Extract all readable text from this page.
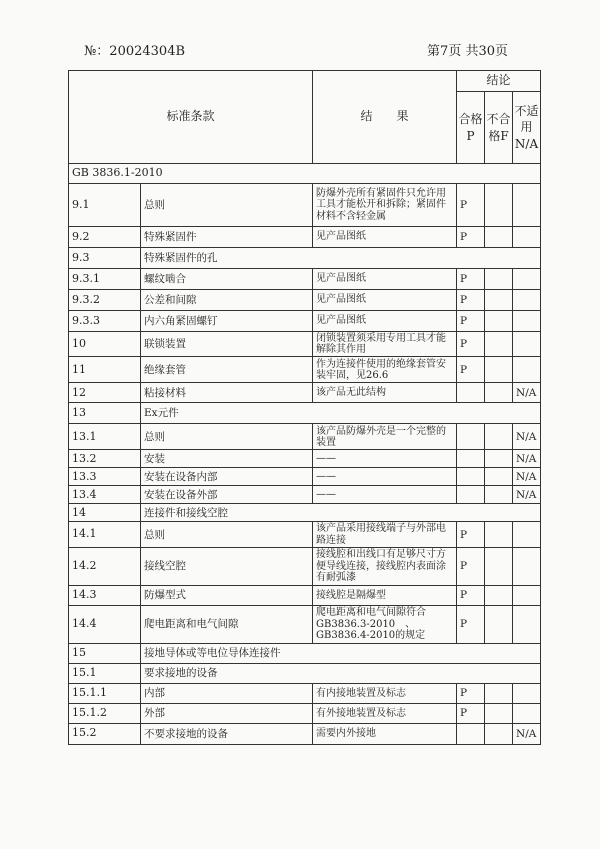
№：20024304B	第7页 共30页
标准条款		结　　果	结论		
			合格P	不合格F	不适用N/A
GB 3836.1-2010					
9.1	总则	防爆外壳所有紧固件只允许用工具才能松开和拆除；紧固件材料不含轻金属	P		
9.2	特殊紧固件	见产品图纸	P		
9.3	特殊紧固件的孔				
9.3.1	螺纹啮合	见产品图纸	P		
9.3.2	公差和间隙	见产品图纸	P		
9.3.3	内六角紧固螺钉	见产品图纸	P		
10	联锁装置	闭锁装置须采用专用工具才能解除其作用	P		
11	绝缘套管	作为连接件使用的绝缘套管安装牢固，见26.6	P		
12	粘接材料	该产品无此结构			N/A
13	Ex元件				
13.1	总则	该产品防爆外壳是一个完整的装置			N/A
13.2	安装	——			N/A
13.3	安装在设备内部	——			N/A
13.4	安装在设备外部	——			N/A
14	连接件和接线空腔				
14.1	总则	该产品采用接线端子与外部电路连接	P		
14.2	接线空腔	接线腔和出线口有足够尺寸方便导线连接，接线腔内表面涂有耐弧漆	P		
14.3	防爆型式	接线腔是隔爆型	P		
14.4	爬电距离和电气间隙	爬电距离和电气间隙符合GB3836.3-2010　、GB3836.4-2010的规定	P		
15	接地导体或等电位导体连接件				
15.1	要求接地的设备				
15.1.1	内部	有内接地装置及标志	P		
15.1.2	外部	有外接地装置及标志	P		
15.2	不要求接地的设备	需要内外接地			N/A
